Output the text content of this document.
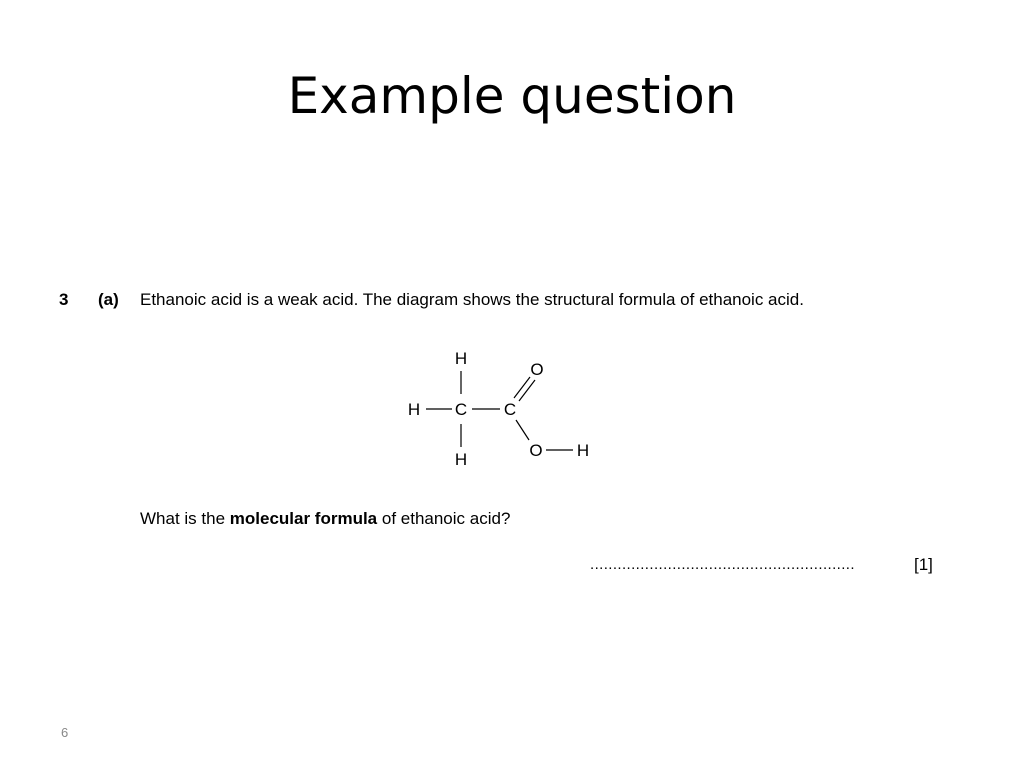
Example question
3 (a) Ethanoic acid is a weak acid. The diagram shows the structural formula of ethanoic acid.
H
H C C
O
H	O H
What is the molecular formula of ethanoic acid?
..........................................................	[1]
6
